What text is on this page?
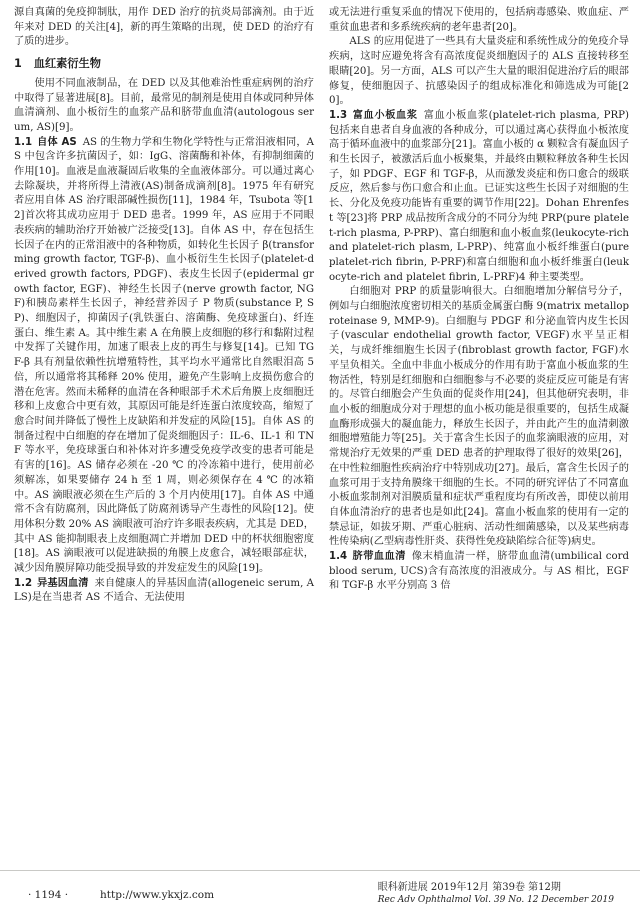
源自真菌的免疫抑制肽，用作 DED 治疗的抗炎局部滴剂。由于近年来对 DED 的关注[4]，新的再生策略的出现，使 DED 的治疗有了质的进步。

1 血红素衍生物

使用不同血液制品，在 DED 以及其他难治性重症病例的治疗中取得了显著进展[8]。目前，最常见的制剂是使用自体或同种异体血清滴剂、血小板衍生的血浆产品和脐带血血清(autologous serum, AS)[9]。

1.1 自体 AS AS 的生物力学和生物化学特性与正常泪液相同，AS 中包含许多抗菌因子，如：IgG、溶菌酶和补体，有抑制细菌的作用[10]。血液是血液凝固后收集的全血液体部分。可以通过离心去除凝块，并将所得上清液(AS)制备成滴剂[8]。1975 年有研究者应用自体 AS 治疗眼部碱性损伤[11]，1984 年，Tsubota 等[12]首次将其成功应用于 DED 患者。1999 年，AS 应用于不同眼表疾病的辅助治疗开始被广泛接受[13]。自体 AS 中，存在包括生长因子在内的正常泪液中的各种物质，如转化生长因子 β(transforming growth factor, TGF-β)、血小板衍生生长因子(platelet-derived growth factors, PDGF)、表皮生长因子(epidermal growth factor, EGF)、神经生长因子(nerve growth factor, NGF)和胰岛素样生长因子，神经营养因子 P 物质(substance P, SP)、细胞因子，抑菌因子(乳铁蛋白、溶菌酶、免疫球蛋白)、纤连蛋白、维生素 A。其中维生素 A 在角膜上皮细胞的移行和黏附过程中发挥了关键作用，加速了眼表上皮的再生与修复[14]。已知 TGF-β 具有剂量依赖性抗增殖特性，其平均水平通常比自然眼泪高 5 倍，所以通常将其稀释 20% 使用，避免产生影响上皮损伤愈合的潜在危害。然而未稀释的血清在各种眼部手术术后角膜上皮细胞迁移和上皮愈合中更有效，其原因可能是纤连蛋白浓度较高，缩短了愈合时间并降低了慢性上皮缺陷和并发症的风险[15]。自体 AS 的制备过程中白细胞的存在增加了促炎细胞因子：IL-6、IL-1 和 TNF 等水平，免疫球蛋白和补体对许多遭受免疫学改变的患者可能是有害的[16]。AS 储存必须在 -20 ℃ 的冷冻箱中进行，使用前必须解冻，如果要储存 24 h 至 1 周，则必须保存在 4 ℃ 的冰箱中。AS 滴眼液必须在生产后的 3 个月内使用[17]。自体 AS 中通常不含有防腐剂，因此降低了防腐剂诱导产生毒性的风险[12]。使用体积分数 20% AS 滴眼液可治疗许多眼表疾病，尤其是 DED，其中 AS 能抑制眼表上皮细胞凋亡并增加 DED 中的杯状细胞密度[18]。AS 滴眼液可以促进缺损的角膜上皮愈合，减轻眼部症状，减少因角膜屏障功能受损导致的并发症发生的风险[19]。

1.2 异基因血清 来自健康人的异基因血清(allogeneic serum, ALS)是在当患者 AS 不适合、无法使用

或无法进行重复采血的情况下使用的，包括病毒感染、败血症、严重贫血患者和多系统疾病的老年患者[20]。

ALS 的应用促进了一些具有大量炎症和系统性成分的免疫介导疾病，这时应避免将含有高浓度促炎细胞因子的 ALS 直接转移至眼睛[20]。另一方面，ALS 可以产生大量的眼泪促进治疗后的眼部修复，使细胞因子、抗感染因子的组成标准化和筛选成为可能[20]。

1.3 富血小板血浆 富血小板血浆(platelet-rich plasma, PRP)包括来自患者自身血液的各种成分，可以通过离心获得血小板浓度高于循环血液中的血浆部分[21]。富血小板的 α 颗粒含有凝血因子和生长因子，被激活后血小板聚集，并最终由颗粒释放各种生长因子，如 PDGF、EGF 和 TGF-β，从而激发炎症和伤口愈合的级联反应，然后参与伤口愈合和止血。已证实这些生长因子对细胞的生长、分化及免疫功能皆有重要的调节作用[22]。Dohan Ehrenfest 等[23]将 PRP 成品按所含成分的不同分为纯 PRP(pure platelet-rich plasma, P-PRP)、富白细胞和血小板血浆(leukocyte-rich and platelet-rich plasm, L-PRP)、纯富血小板纤维蛋白(pure platelet-rich fibrin, P-PRF)和富白细胞和血小板纤维蛋白(leukocyte-rich and platelet fibrin, L-PRF)4 种主要类型。

白细胞对 PRP 的质量影响很大。白细胞增加分解信号分子，例如与白细胞浓度密切相关的基质金属蛋白酶 9(matrix metalloproteinase 9, MMP-9)。白细胞与 PDGF 和分泌血管内皮生长因子(vascular endothelial growth factor, VEGF)水平呈正相关，与成纤维细胞生长因子(fibroblast growth factor, FGF)水平呈负相关。全血中非血小板成分的作用有助于富血小板血浆的生物活性，特别是红细胞和白细胞参与不必要的炎症反应可能是有害的。尽管白细胞会产生负面的促炎作用[24]，但其他研究表明，非血小板的细胞成分对于理想的血小板功能是很重要的，包括生成凝血酶形成强大的凝血能力，释放生长因子，并由此产生的血清刺激细胞增殖能力等[25]。关于富含生长因子的血浆滴眼液的应用，对常规治疗无效果的严重 DED 患者的护理取得了很好的效果[26]，在中性粒细胞性疾病治疗中特别成功[27]。最后，富含生长因子的血浆可用于支持角膜缘干细胞的生长。不同的研究评估了不同富血小板血浆制剂对泪膜质量和症状严重程度均有所改善，即使以前用自体血清治疗的患者也是如此[24]。富血小板血浆的使用有一定的禁忌证，如拔牙期、严重心脏病、活动性细菌感染，以及某些病毒性传染病(乙型病毒性肝炎、获得性免疫缺陷综合征等)病史。

1.4 脐带血血清 像末梢血清一样，脐带血血清(umbilical cord blood serum, UCS)含有高浓度的泪液成分。与 AS 相比，EGF 和 TGF-β 水平分别高 3 倍

· 1194 ·	http://www.ykxjz.com
眼科新进展 2019年12月 第39卷 第12期
Rec Adv Ophthalmol Vol. 39 No. 12 December 2019
